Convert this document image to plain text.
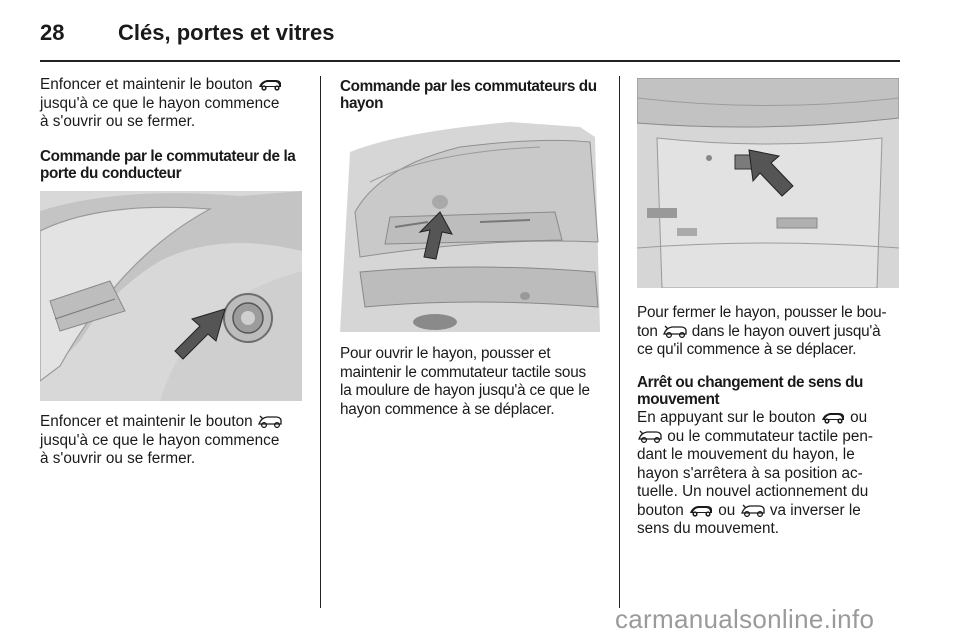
28 Clés, portes et vitres
Enfoncer et maintenir le bouton
jusqu'à ce que le hayon commence
à s'ouvrir ou se fermer.
Commande par le commutateur de la
porte du conducteur
Enfoncer et maintenir le bouton
jusqu'à ce que le hayon commence
à s'ouvrir ou se fermer.
Commande par les commutateurs du
hayon
Pour ouvrir le hayon, pousser et
maintenir le commutateur tactile sous
la moulure de hayon jusqu'à ce que le
hayon commence à se déplacer.
Pour fermer le hayon, pousser le bou-
ton dans le hayon ouvert jusqu'à
ce qu'il commence à se déplacer.
Arrêt ou changement de sens du
mouvement
En appuyant sur le bouton ou
ou le commutateur tactile pen-
dant le mouvement du hayon, le
hayon s'arrêtera à sa position ac-
tuelle. Un nouvel actionnement du
bouton ou va inverser le
sens du mouvement.
carmanualsonline.info
